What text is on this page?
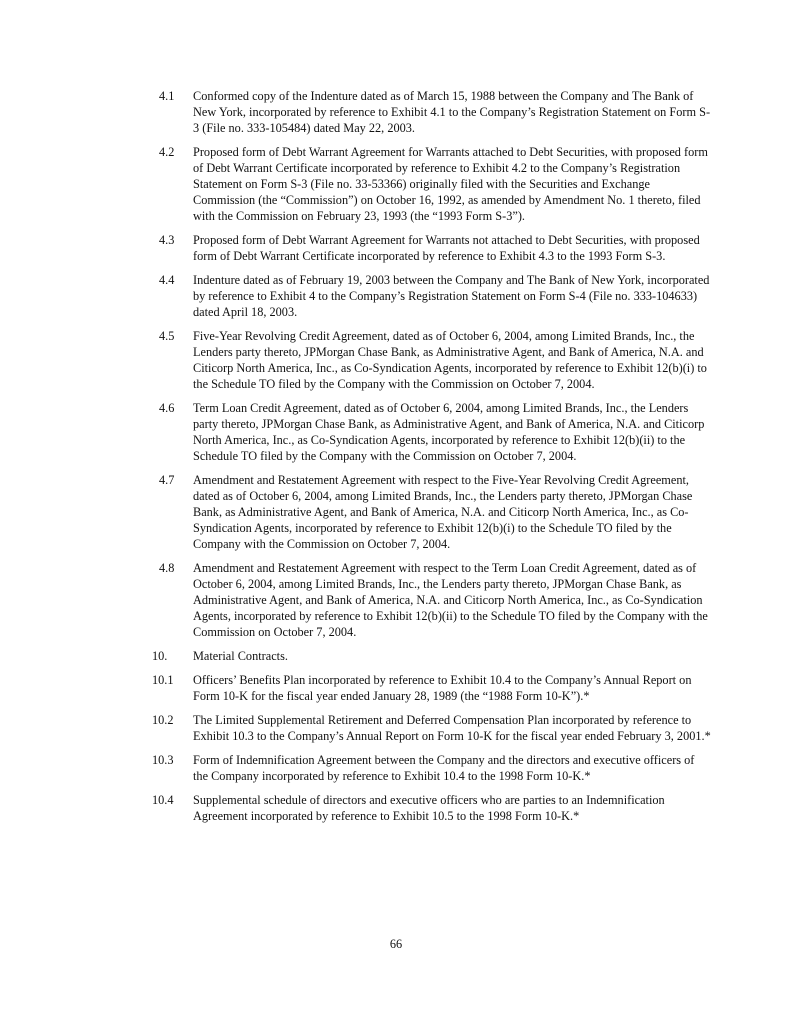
4.1	Conformed copy of the Indenture dated as of March 15, 1988 between the Company and The Bank of New York, incorporated by reference to Exhibit 4.1 to the Company’s Registration Statement on Form S-3 (File no. 333-105484) dated May 22, 2003.
4.2	Proposed form of Debt Warrant Agreement for Warrants attached to Debt Securities, with proposed form of Debt Warrant Certificate incorporated by reference to Exhibit 4.2 to the Company’s Registration Statement on Form S-3 (File no. 33-53366) originally filed with the Securities and Exchange Commission (the “Commission”) on October 16, 1992, as amended by Amendment No. 1 thereto, filed with the Commission on February 23, 1993 (the “1993 Form S-3”).
4.3	Proposed form of Debt Warrant Agreement for Warrants not attached to Debt Securities, with proposed form of Debt Warrant Certificate incorporated by reference to Exhibit 4.3 to the 1993 Form S-3.
4.4	Indenture dated as of February 19, 2003 between the Company and The Bank of New York, incorporated by reference to Exhibit 4 to the Company’s Registration Statement on Form S-4 (File no. 333-104633) dated April 18, 2003.
4.5	Five-Year Revolving Credit Agreement, dated as of October 6, 2004, among Limited Brands, Inc., the Lenders party thereto, JPMorgan Chase Bank, as Administrative Agent, and Bank of America, N.A. and Citicorp North America, Inc., as Co-Syndication Agents, incorporated by reference to Exhibit 12(b)(i) to the Schedule TO filed by the Company with the Commission on October 7, 2004.
4.6	Term Loan Credit Agreement, dated as of October 6, 2004, among Limited Brands, Inc., the Lenders party thereto, JPMorgan Chase Bank, as Administrative Agent, and Bank of America, N.A. and Citicorp North America, Inc., as Co-Syndication Agents, incorporated by reference to Exhibit 12(b)(ii) to the Schedule TO filed by the Company with the Commission on October 7, 2004.
4.7	Amendment and Restatement Agreement with respect to the Five-Year Revolving Credit Agreement, dated as of October 6, 2004, among Limited Brands, Inc., the Lenders party thereto, JPMorgan Chase Bank, as Administrative Agent, and Bank of America, N.A. and Citicorp North America, Inc., as Co-Syndication Agents, incorporated by reference to Exhibit 12(b)(i) to the Schedule TO filed by the Company with the Commission on October 7, 2004.
4.8	Amendment and Restatement Agreement with respect to the Term Loan Credit Agreement, dated as of October 6, 2004, among Limited Brands, Inc., the Lenders party thereto, JPMorgan Chase Bank, as Administrative Agent, and Bank of America, N.A. and Citicorp North America, Inc., as Co-Syndication Agents, incorporated by reference to Exhibit 12(b)(ii) to the Schedule TO filed by the Company with the Commission on October 7, 2004.
10.	Material Contracts.
10.1	Officers’ Benefits Plan incorporated by reference to Exhibit 10.4 to the Company’s Annual Report on Form 10-K for the fiscal year ended January 28, 1989 (the “1988 Form 10-K”).*
10.2	The Limited Supplemental Retirement and Deferred Compensation Plan incorporated by reference to Exhibit 10.3 to the Company’s Annual Report on Form 10-K for the fiscal year ended February 3, 2001.*
10.3	Form of Indemnification Agreement between the Company and the directors and executive officers of the Company incorporated by reference to Exhibit 10.4 to the 1998 Form 10-K.*
10.4	Supplemental schedule of directors and executive officers who are parties to an Indemnification Agreement incorporated by reference to Exhibit 10.5 to the 1998 Form 10-K.*
66
